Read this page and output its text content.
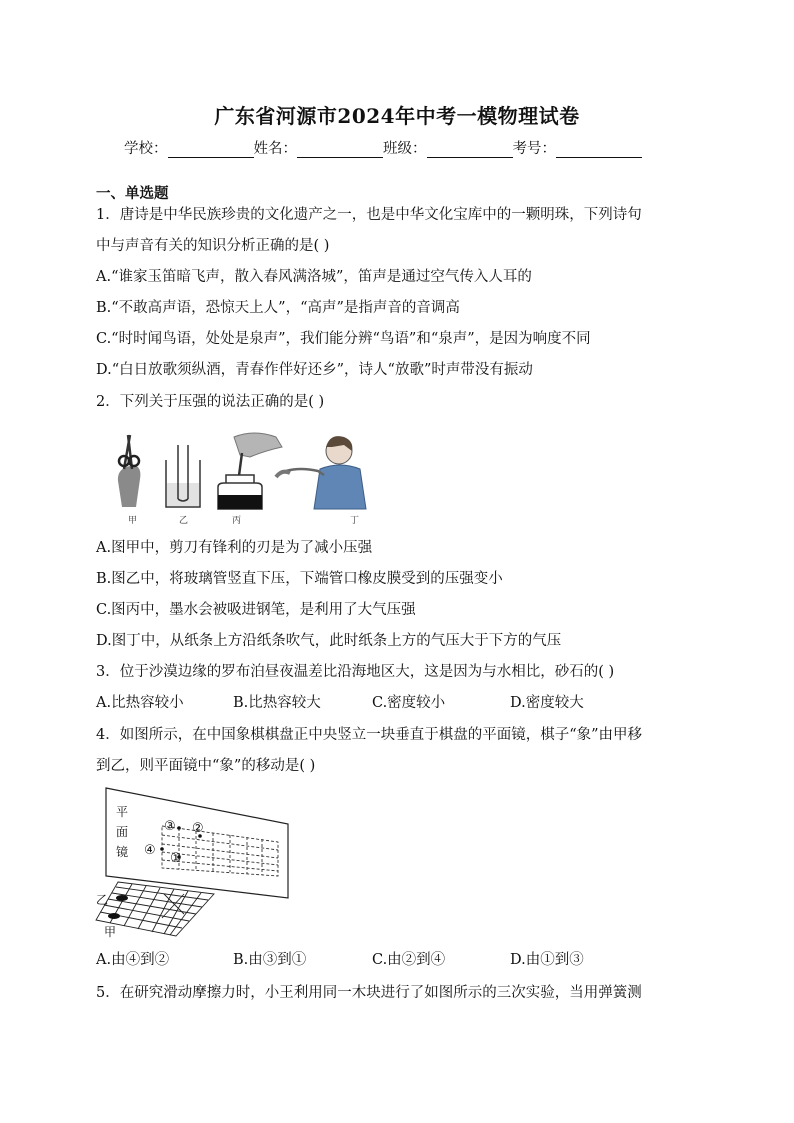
广东省河源市2024年中考一模物理试卷
学校：	姓名：	班级：	考号：
一、单选题
1．唐诗是中华民族珍贵的文化遗产之一，也是中华文化宝库中的一颗明珠，下列诗句
中与声音有关的知识分析正确的是( )
A.“谁家玉笛暗飞声，散入春风满洛城”，笛声是通过空气传入人耳的
B.“不敢高声语，恐惊天上人”，“高声”是指声音的音调高
C.“时时闻鸟语，处处是泉声”，我们能分辨“鸟语”和“泉声”，是因为响度不同
D.“白日放歌须纵酒，青春作伴好还乡”，诗人“放歌”时声带没有振动
2．下列关于压强的说法正确的是( )
甲	乙	丙	丁
A.图甲中，剪刀有锋利的刃是为了减小压强
B.图乙中，将玻璃管竖直下压，下端管口橡皮膜受到的压强变小
C.图丙中，墨水会被吸进钢笔，是利用了大气压强
D.图丁中，从纸条上方沿纸条吹气，此时纸条上方的气压大于下方的气压
3．位于沙漠边缘的罗布泊昼夜温差比沿海地区大，这是因为与水相比，砂石的( )
A.比热容较小	B.比热容较大	C.密度较小	D.密度较大
4．如图所示，在中国象棋棋盘正中央竖立一块垂直于棋盘的平面镜，棋子“象”由甲移
到乙，则平面镜中“象”的移动是( )
平
面
镜
③ ②
④
①
乙
甲
A.由④到②	B.由③到①	C.由②到④	D.由①到③
5．在研究滑动摩擦力时，小王利用同一木块进行了如图所示的三次实验，当用弹簧测
